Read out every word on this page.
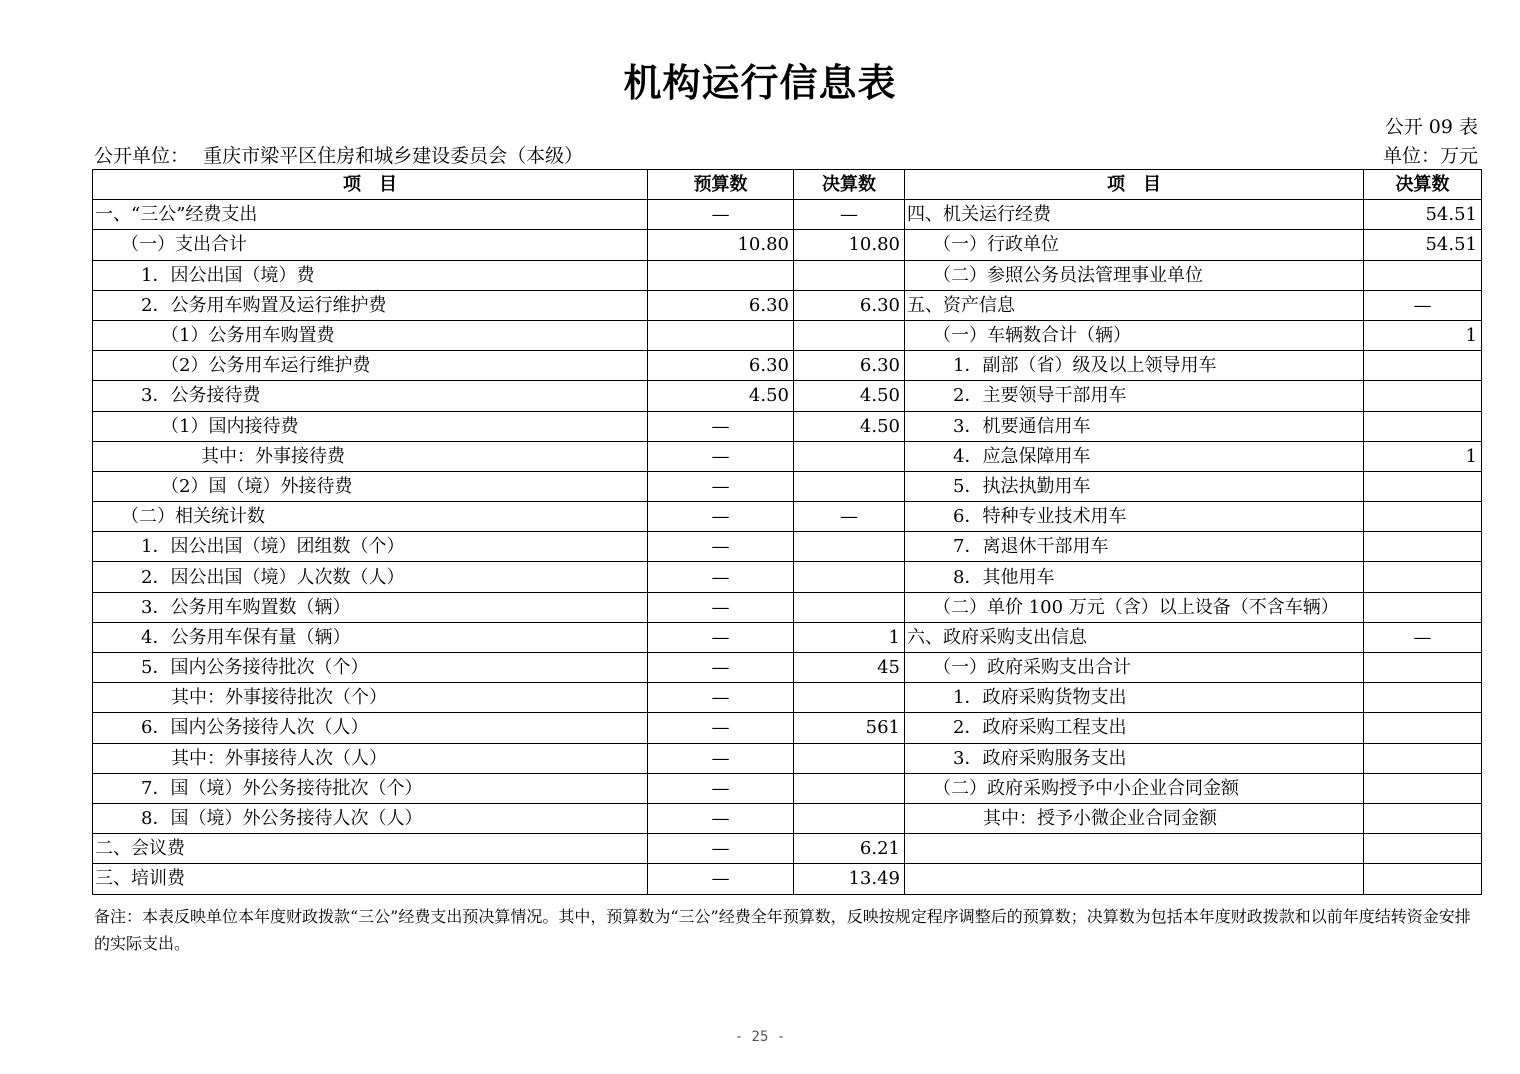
机构运行信息表
公开 09 表
公开单位： 重庆市梁平区住房和城乡建设委员会（本级）	单位：万元
项　目	预算数	决算数	项　目	决算数
一、“三公”经费支出	—	—	四、机关运行经费	54.51
（一）支出合计	10.80	10.80	（一）行政单位	54.51
1．因公出国（境）费			（二）参照公务员法管理事业单位	
2．公务用车购置及运行维护费	6.30	6.30	五、资产信息	—
（1）公务用车购置费			（一）车辆数合计（辆）	1
（2）公务用车运行维护费	6.30	6.30	1．副部（省）级及以上领导用车	
3．公务接待费	4.50	4.50	2．主要领导干部用车	
（1）国内接待费	—	4.50	3．机要通信用车	
其中：外事接待费	—		4．应急保障用车	1
（2）国（境）外接待费	—		5．执法执勤用车	
（二）相关统计数	—	—	6．特种专业技术用车	
1．因公出国（境）团组数（个）	—		7．离退休干部用车	
2．因公出国（境）人次数（人）	—		8．其他用车	
3．公务用车购置数（辆）	—		（二）单价 100 万元（含）以上设备（不含车辆）	
4．公务用车保有量（辆）	—	1	六、政府采购支出信息	—
5．国内公务接待批次（个）	—	45	（一）政府采购支出合计	
其中：外事接待批次（个）	—		1．政府采购货物支出	
6．国内公务接待人次（人）	—	561	2．政府采购工程支出	
其中：外事接待人次（人）	—		3．政府采购服务支出	
7．国（境）外公务接待批次（个）	—		（二）政府采购授予中小企业合同金额	
8．国（境）外公务接待人次（人）	—		其中：授予小微企业合同金额	
二、会议费	—	6.21		
三、培训费	—	13.49		
备注：本表反映单位本年度财政拨款“三公”经费支出预决算情况。其中，预算数为“三公”经费全年预算数，反映按规定程序调整后的预算数；决算数为包括本年度财政拨款和以前年度结转资金安排的实际支出。
- 25 -
